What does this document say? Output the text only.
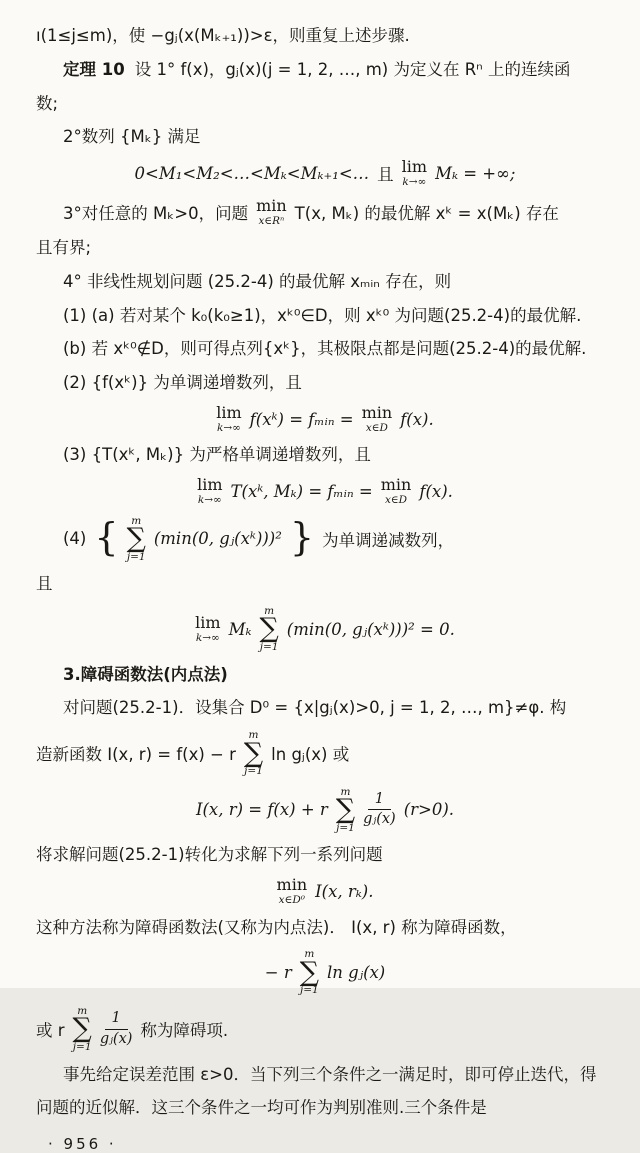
ı(1≤j≤m)，使 −gⱼ(x(Mₖ₊₁))>ε，则重复上述步骤.

定理 10 设 1° f(x)，gⱼ(x)(j = 1, 2, …, m) 为定义在 Rⁿ 上的连续函

数;

2°数列 {Mₖ} 满足

0<M₁<M₂<…<Mₖ<Mₖ₊₁<… 且 lim
k→∞ Mₖ = +∞;
3°对任意的 Mₖ>0，问题 min
x∈Rⁿ T(x, Mₖ) 的最优解 xᵏ = x(Mₖ) 存在

且有界;

4° 非线性规划问题 (25.2-4) 的最优解 xₘᵢₙ 存在，则

(1) (a) 若对某个 k₀(k₀≥1)，xᵏ⁰∈D，则 xᵏ⁰ 为问题(25.2-4)的最优解.

(b) 若 xᵏ⁰∉D，则可得点列{xᵏ}，其极限点都是问题(25.2-4)的最优解.

(2) {f(xᵏ)} 为单调递增数列，且

lim
k→∞ f(xᵏ) = fₘᵢₙ = min
x∈D f(x).

(3) {T(xᵏ, Mₖ)} 为严格单调递增数列，且

lim
k→∞ T(xᵏ, Mₖ) = fₘᵢₙ = min
x∈D f(x).
(4) { m
∑
j=1
(min(0, gⱼ(xᵏ)))² } 为单调递减数列，

且

lim
k→∞ Mₖ
m
∑
j=1
(min(0, gⱼ(xᵏ)))² = 0.

3.障碍函数法(内点法)

对问题(25.2-1)．设集合 D⁰ = {x|gⱼ(x)>0, j = 1, 2, …, m}≠φ. 构

造新函数 I(x, r) = f(x) − r
m
∑
j=1
ln gⱼ(x) 或
I(x, r) = f(x) + r
m
∑
$j=1 \frac{1}{\text{gⱼ(x)}} (r>0)$.

将求解问题(25.2-1)转化为求解下列一系列问题

min
x∈D⁰ I(x, rₖ).

这种方法称为障碍函数法(又称为内点法)． I(x, r) 称为障碍函数，

− r
m
∑
j=1
ln gⱼ(x)
或 r
m
∑
$j=1 \frac{1}{\text{gⱼ(x)}}$ 称为障碍项.

事先给定误差范围 ε>0．当下列三个条件之一满足时，即可停止迭代，得

问题的近似解．这三个条件之一均可作为判别准则.三个条件是

· 956 ·
